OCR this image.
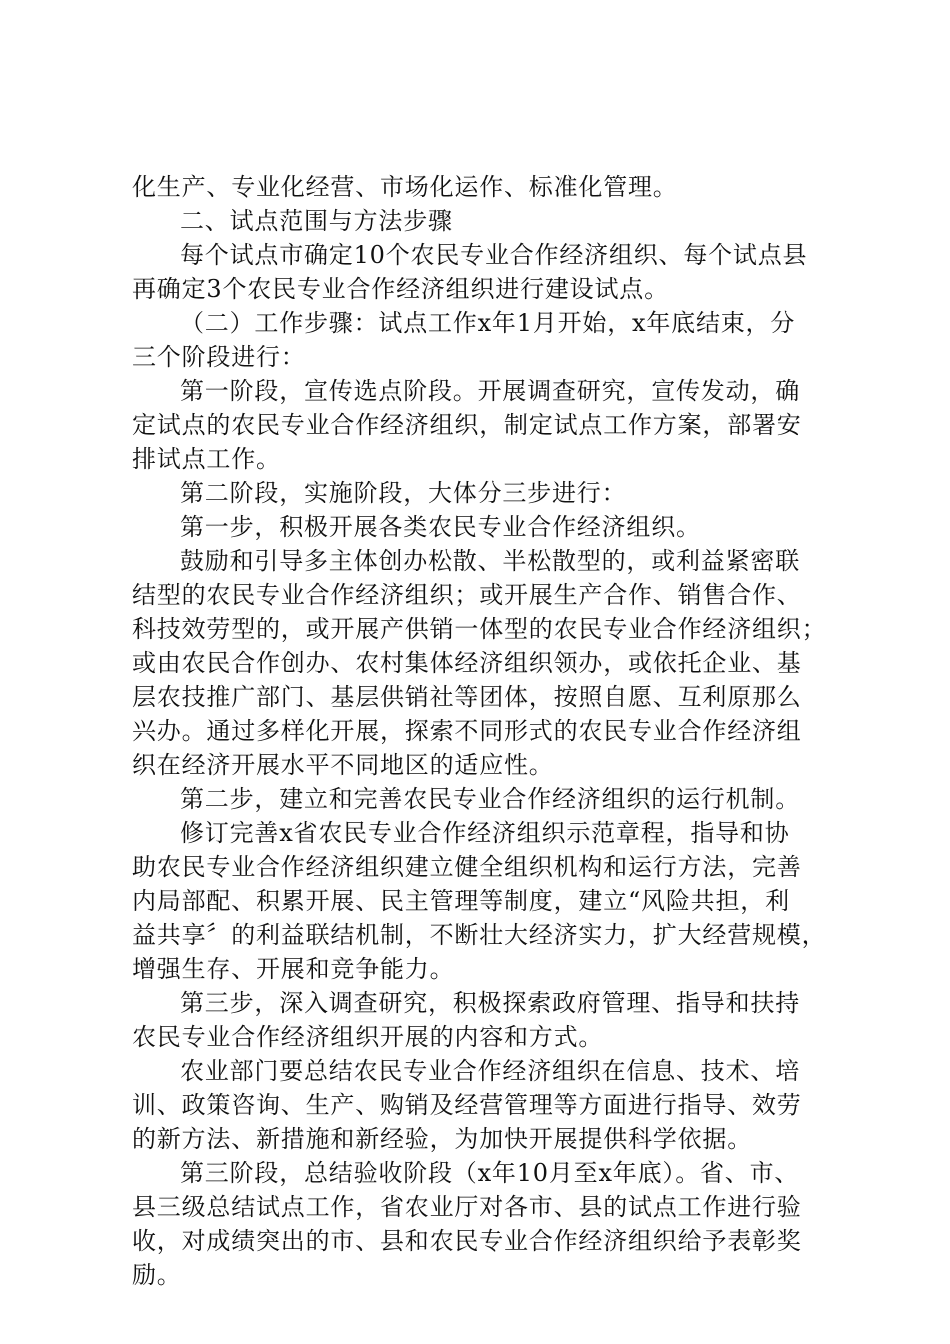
化生产、专业化经营、市场化运作、标准化管理。
二、试点范围与方法步骤
每个试点市确定10个农民专业合作经济组织、每个试点县
再确定3个农民专业合作经济组织进行建设试点。
（二）工作步骤：试点工作x年1月开始，x年底结束，分
三个阶段进行：
第一阶段，宣传选点阶段。开展调查研究，宣传发动，确
定试点的农民专业合作经济组织，制定试点工作方案，部署安
排试点工作。
第二阶段，实施阶段，大体分三步进行：
第一步，积极开展各类农民专业合作经济组织。
鼓励和引导多主体创办松散、半松散型的，或利益紧密联
结型的农民专业合作经济组织；或开展生产合作、销售合作、
科技效劳型的，或开展产供销一体型的农民专业合作经济组织；
或由农民合作创办、农村集体经济组织领办，或依托企业、基
层农技推广部门、基层供销社等团体，按照自愿、互利原那么
兴办。通过多样化开展，探索不同形式的农民专业合作经济组
织在经济开展水平不同地区的适应性。
第二步，建立和完善农民专业合作经济组织的运行机制。
修订完善x省农民专业合作经济组织示范章程，指导和协
助农民专业合作经济组织建立健全组织机构和运行方法，完善
内局部配、积累开展、民主管理等制度，建立“风险共担，利
益共享〞的利益联结机制，不断壮大经济实力，扩大经营规模，
增强生存、开展和竞争能力。
第三步，深入调查研究，积极探索政府管理、指导和扶持
农民专业合作经济组织开展的内容和方式。
农业部门要总结农民专业合作经济组织在信息、技术、培
训、政策咨询、生产、购销及经营管理等方面进行指导、效劳
的新方法、新措施和新经验，为加快开展提供科学依据。
第三阶段，总结验收阶段（x年10月至x年底）。省、市、
县三级总结试点工作，省农业厅对各市、县的试点工作进行验
收，对成绩突出的市、县和农民专业合作经济组织给予表彰奖
励。
